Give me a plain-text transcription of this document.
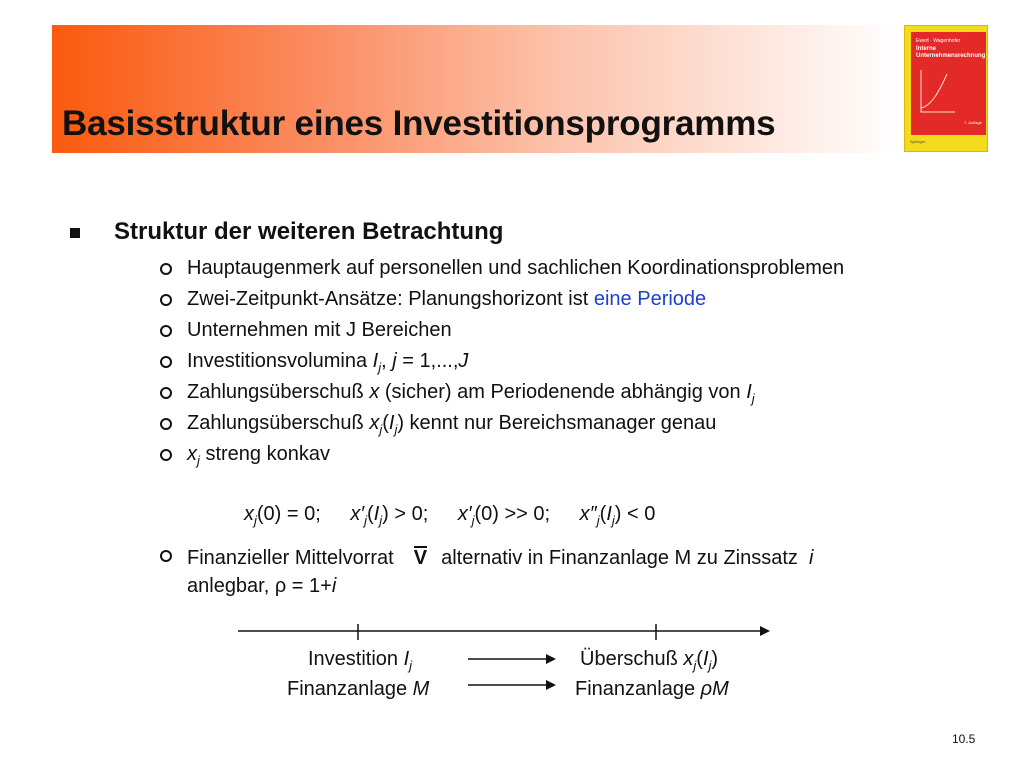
Basisstruktur eines Investitionsprogramms
Ewert · Wagenhofer
Interne
Unternehmensrechnung
7. Auflage
Springer
Struktur der weiteren Betrachtung
Hauptaugenmerk auf personellen und sachlichen Koordinationsproblemen
Zwei-Zeitpunkt-Ansätze: Planungshorizont ist eine Periode
Unternehmen mit J Bereichen
Investitionsvolumina $I_j$, j = 1,...,J
Zahlungsüberschuß x (sicher) am Periodenende abhängig von $I_j$
Zahlungsüberschuß $x_j(I_j)$ kennt nur Bereichsmanager genau
$x_j$ streng konkav
$x_j(0) = 0$; $x'_j(I_j) > 0$; $x'_j(0) >> 0$; $x''_j(I_j) < 0$
Finanzieller Mittelvorrat V alternativ in Finanzanlage M zu Zinssatz i
anlegbar, ρ = 1+i
Investition $I_j$
Finanzanlage M
Überschuß $x_j(I_j)$
Finanzanlage ρM
10.5
